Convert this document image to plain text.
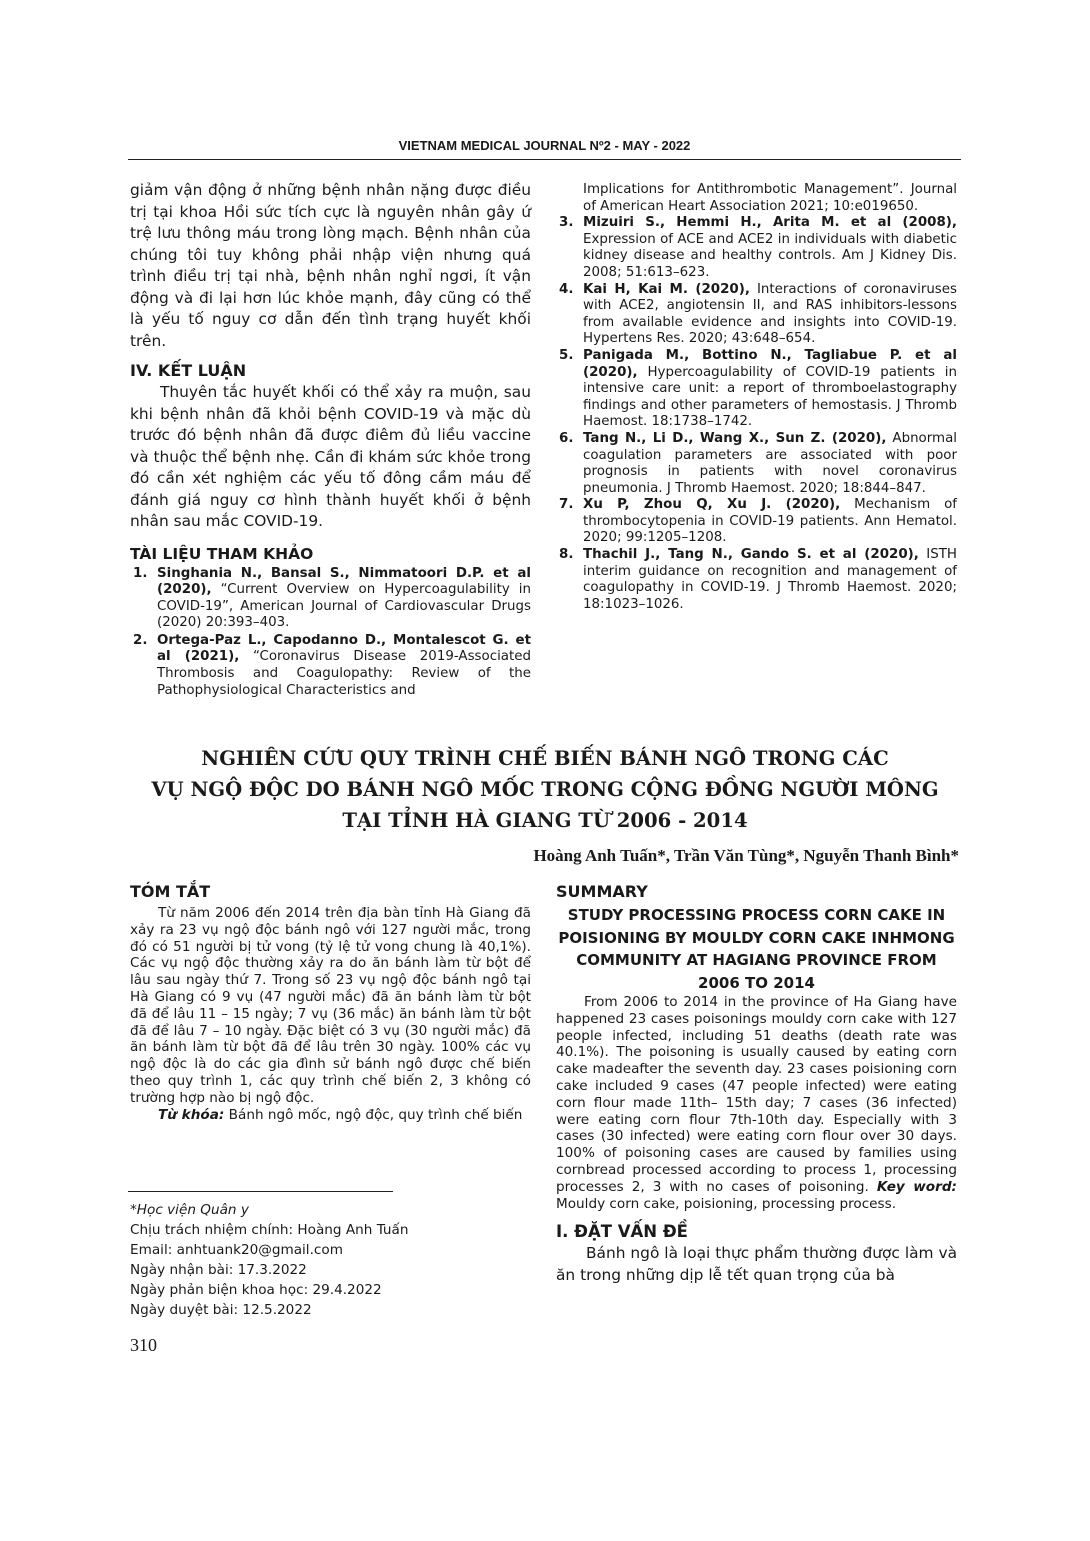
VIETNAM MEDICAL JOURNAL Nº2 - MAY - 2022

giảm vận động ở những bệnh nhân nặng được điều trị tại khoa Hồi sức tích cực là nguyên nhân gây ứ trệ lưu thông máu trong lòng mạch. Bệnh nhân của chúng tôi tuy không phải nhập viện nhưng quá trình điều trị tại nhà, bệnh nhân nghỉ ngơi, ít vận động và đi lại hơn lúc khỏe mạnh, đây cũng có thể là yếu tố nguy cơ dẫn đến tình trạng huyết khối trên.

IV. KẾT LUẬN

Thuyên tắc huyết khối có thể xảy ra muộn, sau khi bệnh nhân đã khỏi bệnh COVID-19 và mặc dù trước đó bệnh nhân đã được điêm đủ liều vaccine và thuộc thể bệnh nhẹ. Cần đi khám sức khỏe trong đó cần xét nghiệm các yếu tố đông cầm máu để đánh giá nguy cơ hình thành huyết khối ở bệnh nhân sau mắc COVID-19.

TÀI LIỆU THAM KHẢO

1. Singhania N., Bansal S., Nimmatoori D.P. et al (2020), “Current Overview on Hypercoagulability in COVID-19”, American Journal of Cardiovascular Drugs (2020) 20:393–403.

2. Ortega-Paz L., Capodanno D., Montalescot G. et al (2021), “Coronavirus Disease 2019-Associated Thrombosis and Coagulopathy: Review of the Pathophysiological Characteristics and

Implications for Antithrombotic Management”. Journal of American Heart Association 2021; 10:e019650.

3. Mizuiri S., Hemmi H., Arita M. et al (2008), Expression of ACE and ACE2 in individuals with diabetic kidney disease and healthy controls. Am J Kidney Dis. 2008; 51:613–623.

4. Kai H, Kai M. (2020), Interactions of coronaviruses with ACE2, angiotensin II, and RAS inhibitors-lessons from available evidence and insights into COVID-19. Hypertens Res. 2020; 43:648–654.

5. Panigada M., Bottino N., Tagliabue P. et al (2020), Hypercoagulability of COVID-19 patients in intensive care unit: a report of thromboelastography findings and other parameters of hemostasis. J Thromb Haemost. 18:1738–1742.

6. Tang N., Li D., Wang X., Sun Z. (2020), Abnormal coagulation parameters are associated with poor prognosis in patients with novel coronavirus pneumonia. J Thromb Haemost. 2020; 18:844–847.

7. Xu P, Zhou Q, Xu J. (2020), Mechanism of thrombocytopenia in COVID-19 patients. Ann Hematol. 2020; 99:1205–1208.

8. Thachil J., Tang N., Gando S. et al (2020), ISTH interim guidance on recognition and management of coagulopathy in COVID-19. J Thromb Haemost. 2020; 18:1023–1026.

NGHIÊN CỨU QUY TRÌNH CHẾ BIẾN BÁNH NGÔ TRONG CÁC
VỤ NGỘ ĐỘC DO BÁNH NGÔ MỐC TRONG CỘNG ĐỒNG NGƯỜI MÔNG
TẠI TỈNH HÀ GIANG TỪ 2006 - 2014
Hoàng Anh Tuấn*, Trần Văn Tùng*, Nguyễn Thanh Bình*

TÓM TẮT

Từ năm 2006 đến 2014 trên địa bàn tỉnh Hà Giang đã xảy ra 23 vụ ngộ độc bánh ngô với 127 người mắc, trong đó có 51 người bị tử vong (tỷ lệ tử vong chung là 40,1%). Các vụ ngộ độc thường xảy ra do ăn bánh làm từ bột để lâu sau ngày thứ 7. Trong số 23 vụ ngộ độc bánh ngô tại Hà Giang có 9 vụ (47 người mắc) đã ăn bánh làm từ bột đã để lâu 11 – 15 ngày; 7 vụ (36 mắc) ăn bánh làm từ bột đã để lâu 7 – 10 ngày. Đặc biệt có 3 vụ (30 người mắc) đã ăn bánh làm từ bột đã để lâu trên 30 ngày. 100% các vụ ngộ độc là do các gia đình sử bánh ngô được chế biến theo quy trình 1, các quy trình chế biến 2, 3 không có trường hợp nào bị ngộ độc.

Từ khóa: Bánh ngô mốc, ngộ độc, quy trình chế biến

*Học viện Quân y
Chịu trách nhiệm chính: Hoàng Anh Tuấn
Email: anhtuank20@gmail.com
Ngày nhận bài: 17.3.2022
Ngày phản biện khoa học: 29.4.2022
Ngày duyệt bài: 12.5.2022
310

SUMMARY

STUDY PROCESSING PROCESS CORN CAKE IN POISIONING BY MOULDY CORN CAKE INHMONG COMMUNITY AT HAGIANG PROVINCE FROM 2006 TO 2014

From 2006 to 2014 in the province of Ha Giang have happened 23 cases poisonings mouldy corn cake with 127 people infected, including 51 deaths (death rate was 40.1%). The poisoning is usually caused by eating corn cake madeafter the seventh day. 23 cases poisioning corn cake included 9 cases (47 people infected) were eating corn flour made 11th– 15th day; 7 cases (36 infected) were eating corn flour 7th-10th day. Especially with 3 cases (30 infected) were eating corn flour over 30 days. 100% of poisoning cases are caused by families using cornbread processed according to process 1, processing processes 2, 3 with no cases of poisoning. Key word: Mouldy corn cake, poisioning, processing process.

I. ĐẶT VẤN ĐỀ

Bánh ngô là loại thực phẩm thường được làm và ăn trong những dịp lễ tết quan trọng của bà
